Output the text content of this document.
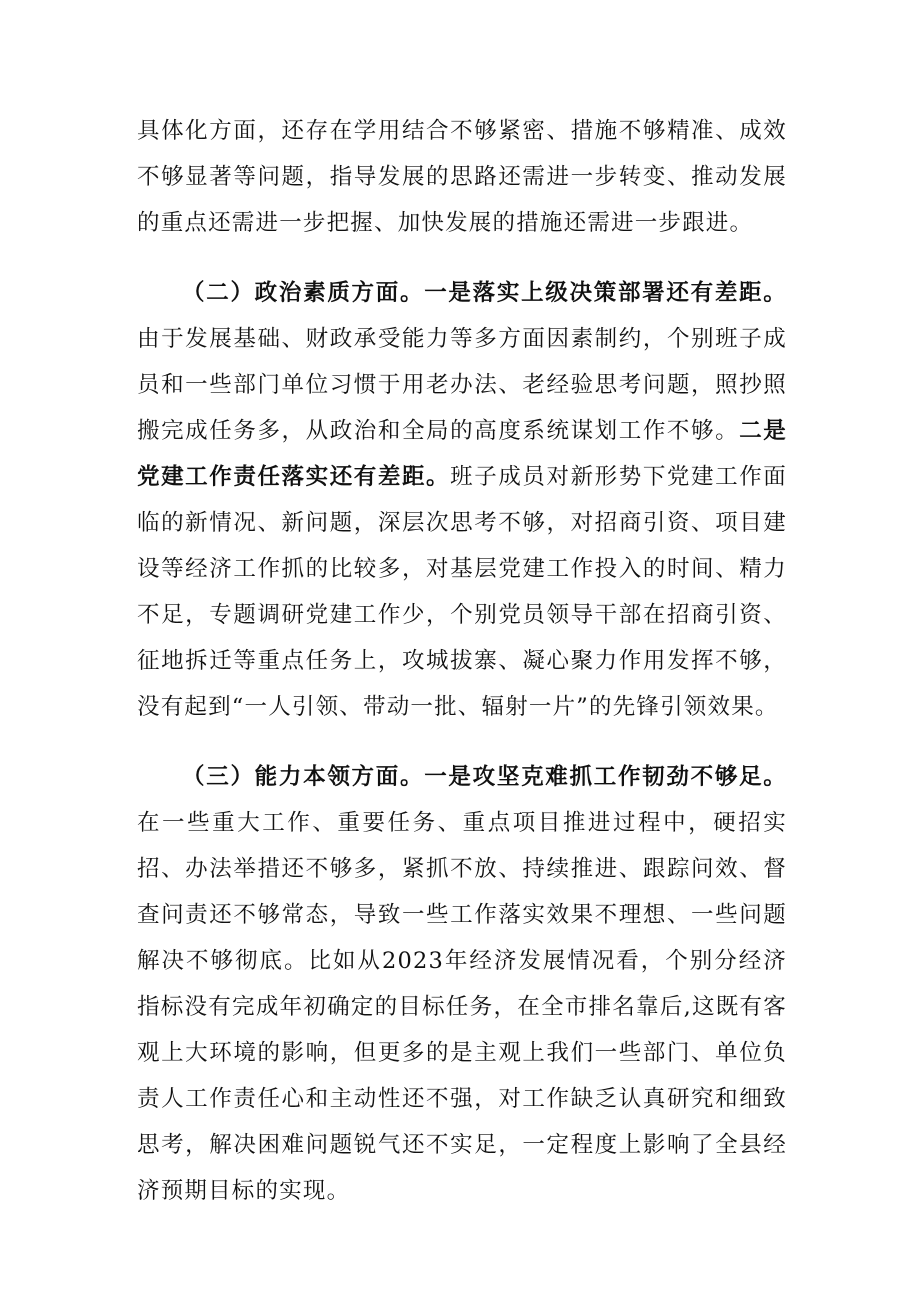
具体化方面，还存在学用结合不够紧密、措施不够精准、成效不够显著等问题，指导发展的思路还需进一步转变、推动发展的重点还需进一步把握、加快发展的措施还需进一步跟进。

（二）政治素质方面。一是落实上级决策部署还有差距。由于发展基础、财政承受能力等多方面因素制约，个别班子成员和一些部门单位习惯于用老办法、老经验思考问题，照抄照搬完成任务多，从政治和全局的高度系统谋划工作不够。二是党建工作责任落实还有差距。班子成员对新形势下党建工作面临的新情况、新问题，深层次思考不够，对招商引资、项目建设等经济工作抓的比较多，对基层党建工作投入的时间、精力不足，专题调研党建工作少，个别党员领导干部在招商引资、征地拆迁等重点任务上，攻城拔寨、凝心聚力作用发挥不够，没有起到“一人引领、带动一批、辐射一片”的先锋引领效果。

（三）能力本领方面。一是攻坚克难抓工作韧劲不够足。在一些重大工作、重要任务、重点项目推进过程中，硬招实招、办法举措还不够多，紧抓不放、持续推进、跟踪问效、督查问责还不够常态，导致一些工作落实效果不理想、一些问题解决不够彻底。比如从2023年经济发展情况看，个别分经济指标没有完成年初确定的目标任务，在全市排名靠后,这既有客观上大环境的影响，但更多的是主观上我们一些部门、单位负责人工作责任心和主动性还不强，对工作缺乏认真研究和细致思考，解决困难问题锐气还不实足，一定程度上影响了全县经济预期目标的实现。
